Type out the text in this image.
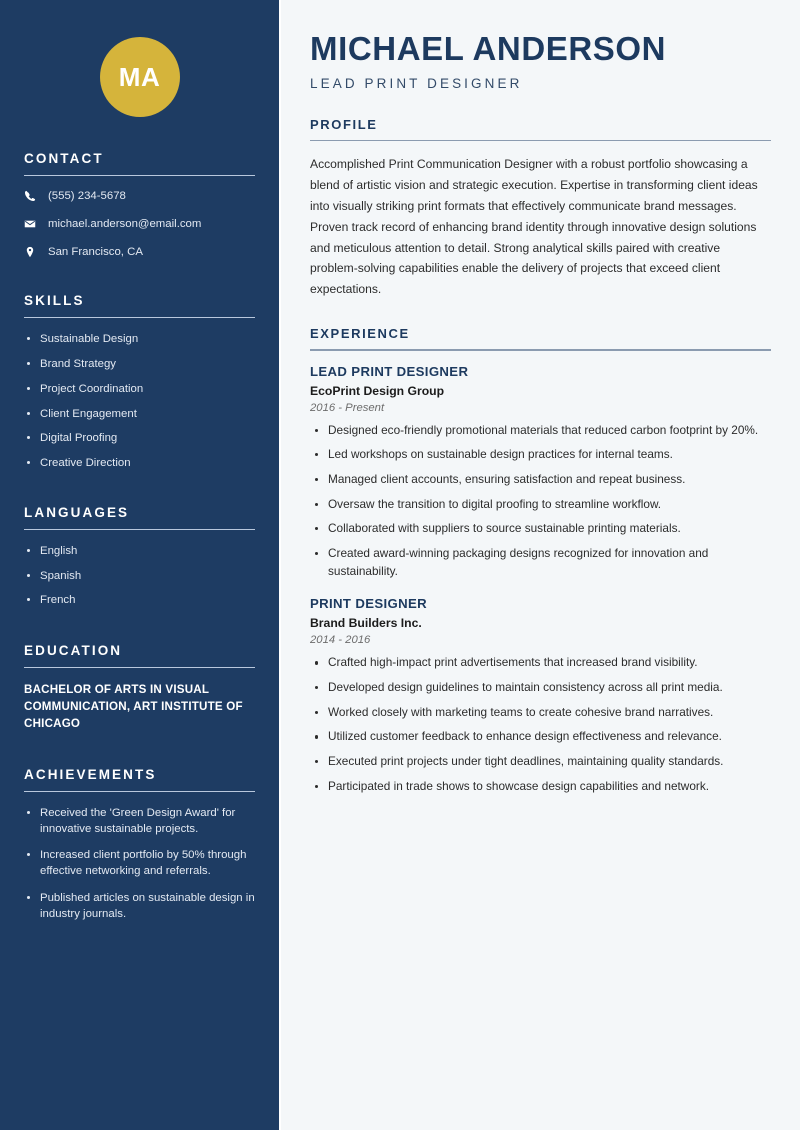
MA
CONTACT
(555) 234-5678
michael.anderson@email.com
San Francisco, CA
SKILLS
Sustainable Design
Brand Strategy
Project Coordination
Client Engagement
Digital Proofing
Creative Direction
LANGUAGES
English
Spanish
French
EDUCATION
BACHELOR OF ARTS IN VISUAL COMMUNICATION, ART INSTITUTE OF CHICAGO
ACHIEVEMENTS
Received the 'Green Design Award' for innovative sustainable projects.
Increased client portfolio by 50% through effective networking and referrals.
Published articles on sustainable design in industry journals.
MICHAEL ANDERSON
LEAD PRINT DESIGNER
PROFILE

Accomplished Print Communication Designer with a robust portfolio showcasing a blend of artistic vision and strategic execution. Expertise in transforming client ideas into visually striking print formats that effectively communicate brand messages. Proven track record of enhancing brand identity through innovative design solutions and meticulous attention to detail. Strong analytical skills paired with creative problem-solving capabilities enable the delivery of projects that exceed client expectations.

EXPERIENCE
LEAD PRINT DESIGNER
EcoPrint Design Group
2016 - Present
Designed eco-friendly promotional materials that reduced carbon footprint by 20%.
Led workshops on sustainable design practices for internal teams.
Managed client accounts, ensuring satisfaction and repeat business.
Oversaw the transition to digital proofing to streamline workflow.
Collaborated with suppliers to source sustainable printing materials.
Created award-winning packaging designs recognized for innovation and sustainability.
PRINT DESIGNER
Brand Builders Inc.
2014 - 2016
Crafted high-impact print advertisements that increased brand visibility.
Developed design guidelines to maintain consistency across all print media.
Worked closely with marketing teams to create cohesive brand narratives.
Utilized customer feedback to enhance design effectiveness and relevance.
Executed print projects under tight deadlines, maintaining quality standards.
Participated in trade shows to showcase design capabilities and network.
